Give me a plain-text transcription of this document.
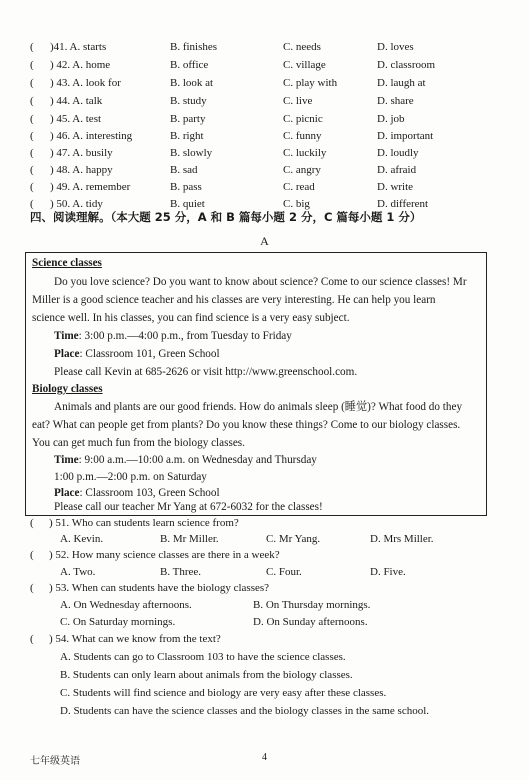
( )41. A. starts	B. finishes	C. needs	D. loves
( ) 42. A. home	B. office	C. village	D. classroom
( ) 43. A. look for	B. look at	C. play with	D. laugh at
( ) 44. A. talk	B. study	C. live	D. share
( ) 45. A. test	B. party	C. picnic	D. job
( ) 46. A. interesting	B. right	C. funny	D. important
( ) 47. A. busily	B. slowly	C. luckily	D. loudly
( ) 48. A. happy	B. sad	C. angry	D. afraid
( ) 49. A. remember	B. pass	C. read	D. write
( ) 50. A. tidy	B. quiet	C. big	D. different
四、阅读理解。（本大题 25 分，A 和 B 篇每小题 2 分，C 篇每小题 1 分）
A
Science classes
Do you love science? Do you want to know about science? Come to our science classes! Mr
Miller is a good science teacher and his classes are very interesting. He can help you learn
science well. In his classes, you can find science is a very easy subject.
Time: 3:00 p.m.—4:00 p.m., from Tuesday to Friday
Place: Classroom 101, Green School
Please call Kevin at 685-2626 or visit http://www.greenschool.com.
Biology classes
Animals and plants are our good friends. How do animals sleep (睡觉)? What food do they
eat? What can people get from plants? Do you know these things? Come to our biology classes.
You can get much fun from the biology classes.
Time: 9:00 a.m.—10:00 a.m. on Wednesday and Thursday
1:00 p.m.—2:00 p.m. on Saturday
Place: Classroom 103, Green School
Please call our teacher Mr Yang at 672-6032 for the classes!
( ) 51. Who can students learn science from?
A. Kevin.	B. Mr Miller.	C. Mr Yang.	D. Mrs Miller.
( ) 52. How many science classes are there in a week?
A. Two.	B. Three.	C. Four.	D. Five.
( ) 53. When can students have the biology classes?
A. On Wednesday afternoons.	B. On Thursday mornings.
C. On Saturday mornings.	D. On Sunday afternoons.
( ) 54. What can we know from the text?
A. Students can go to Classroom 103 to have the science classes.
B. Students can only learn about animals from the biology classes.
C. Students will find science and biology are very easy after these classes.
D. Students can have the science classes and the biology classes in the same school.
七年级英语	4
